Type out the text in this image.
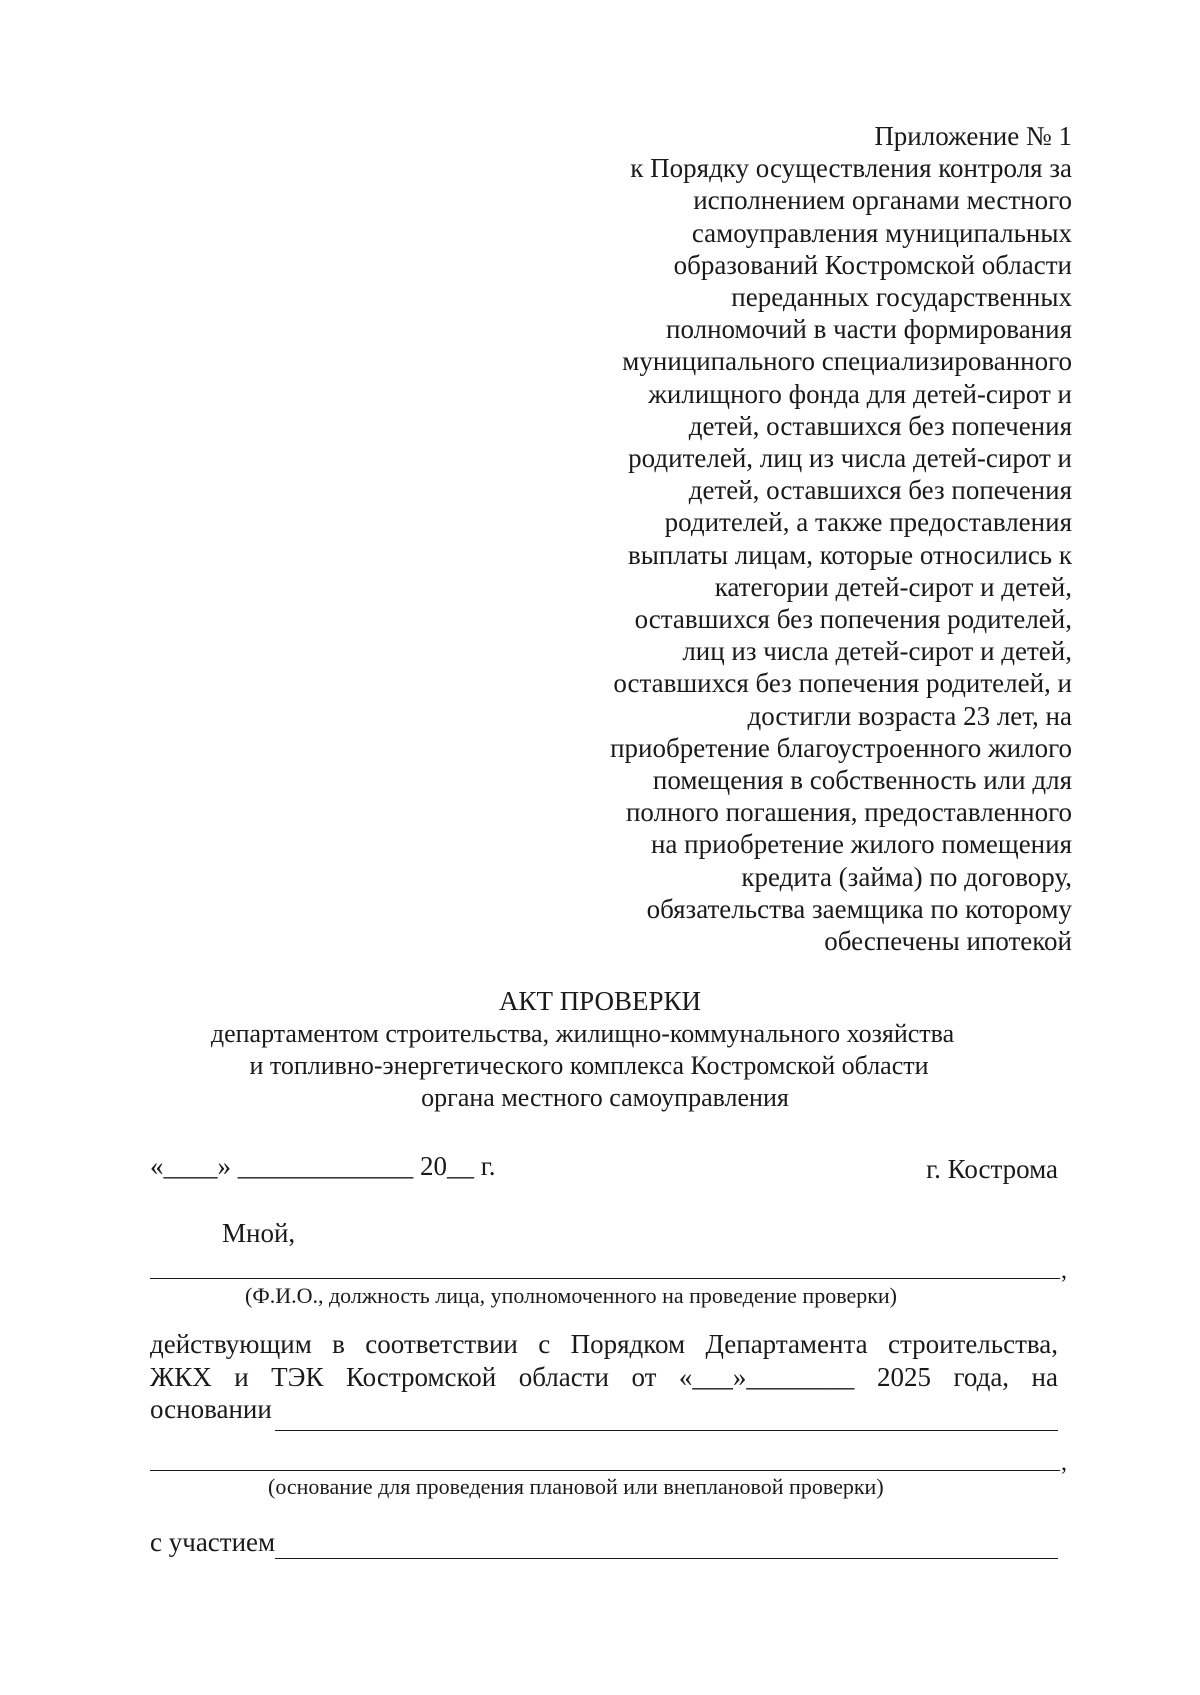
Приложение № 1
к Порядку осуществления контроля за
исполнением органами местного
самоуправления муниципальных
образований Костромской области
переданных государственных
полномочий в части формирования
муниципального специализированного
жилищного фонда для детей-сирот и
детей, оставшихся без попечения
родителей, лиц из числа детей-сирот и
детей, оставшихся без попечения
родителей, а также предоставления
выплаты лицам, которые относились к
категории детей-сирот и детей,
оставшихся без попечения родителей,
лиц из числа детей-сирот и детей,
оставшихся без попечения родителей, и
достигли возраста 23 лет, на
приобретение благоустроенного жилого
помещения в собственность или для
полного погашения, предоставленного
на приобретение жилого помещения
кредита (займа) по договору,
обязательства заемщика по которому
обеспечены ипотекой
АКТ ПРОВЕРКИ
департаментом строительства, жилищно-коммунального хозяйства
и топливно-энергетического комплекса Костромской области
органа местного самоуправления
«____» _____________ 20__ г.	г. Кострома
Мной,
,
(Ф.И.О., должность лица, уполномоченного на проведение проверки)
действующим в соответствии с Порядком Департамента строительства,
ЖКХ и ТЭК Костромской области от «___»________ 2025 года, на
основании
,
(основание для проведения плановой или внеплановой проверки)
с участием
